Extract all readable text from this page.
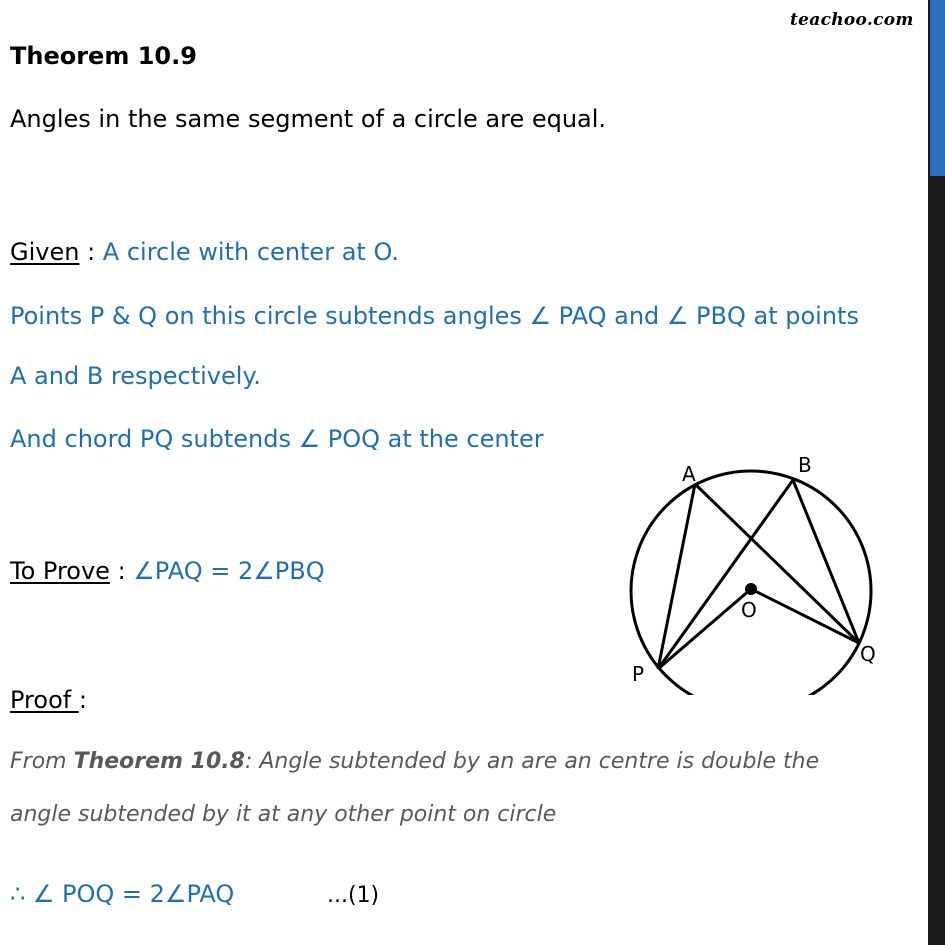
teachoo.com
Theorem 10.9
Angles in the same segment of a circle are equal.
Given : A circle with center at O.
Points P & Q on this circle subtends angles ∠ PAQ and ∠ PBQ at points
A and B respectively.
And chord PQ subtends ∠ POQ at the center
To Prove : ∠PAQ = 2∠PBQ
Proof :
From Theorem 10.8: Angle subtended by an are an centre is double the
angle subtended by it at any other point on circle
∴ ∠ POQ = 2∠PAQ	...(1)
A	B
O
P
Q
